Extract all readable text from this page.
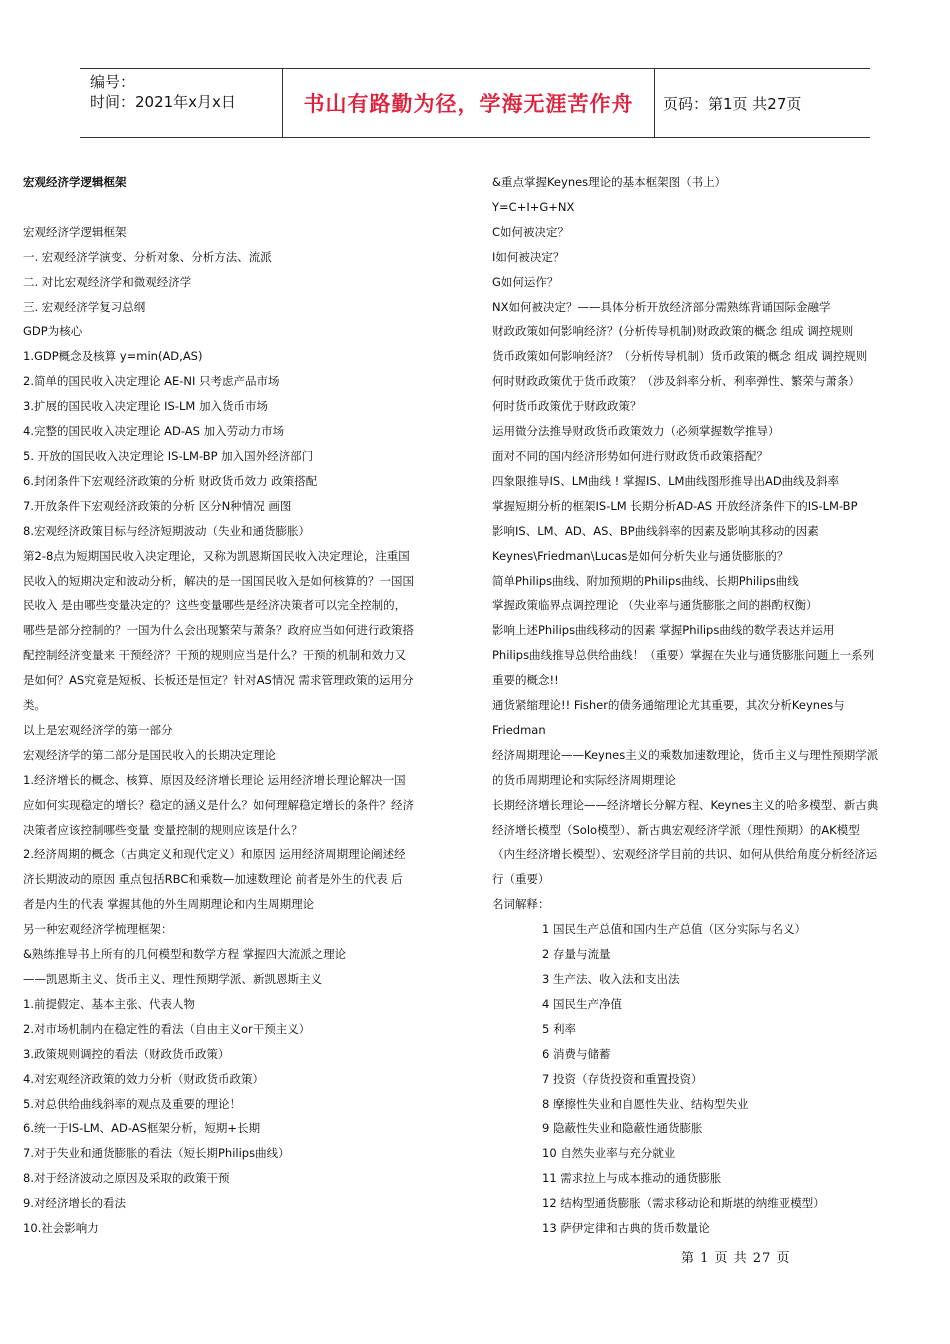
编号：
时间：2021年x月x日	书山有路勤为径，学海无涯苦作舟	页码：第1页 共27页
宏观经济学逻辑框架

宏观经济学逻辑框架
一. 宏观经济学演变、分析对象、分析方法、流派
二. 对比宏观经济学和微观经济学
三. 宏观经济学复习总纲
GDP为核心
1.GDP概念及核算 y=min(AD,AS)
2.简单的国民收入决定理论 AE-NI 只考虑产品市场
3.扩展的国民收入决定理论 IS-LM 加入货币市场
4.完整的国民收入决定理论 AD-AS 加入劳动力市场
5. 开放的国民收入决定理论 IS-LM-BP 加入国外经济部门
6.封闭条件下宏观经济政策的分析 财政货币效力 政策搭配
7.开放条件下宏观经济政策的分析 区分N种情况 画图
8.宏观经济政策目标与经济短期波动（失业和通货膨胀）
第2-8点为短期国民收入决定理论，又称为凯恩斯国民收入决定理论，注重国
民收入的短期决定和波动分析，解决的是一国国民收入是如何核算的？一国国
民收入 是由哪些变量决定的？这些变量哪些是经济决策者可以完全控制的，
哪些是部分控制的？一国为什么会出现繁荣与萧条？政府应当如何进行政策搭
配控制经济变量来 干预经济？干预的规则应当是什么？干预的机制和效力又
是如何？AS究竟是短板、长板还是恒定？针对AS情况 需求管理政策的运用分
类。
以上是宏观经济学的第一部分
宏观经济学的第二部分是国民收入的长期决定理论
1.经济增长的概念、核算、原因及经济增长理论 运用经济增长理论解决一国
应如何实现稳定的增长？稳定的涵义是什么？如何理解稳定增长的条件？经济
决策者应该控制哪些变量 变量控制的规则应该是什么？
2.经济周期的概念（古典定义和现代定义）和原因 运用经济周期理论阐述经
济长期波动的原因 重点包括RBC和乘数—加速数理论 前者是外生的代表 后
者是内生的代表 掌握其他的外生周期理论和内生周期理论
另一种宏观经济学梳理框架：
&熟练推导书上所有的几何模型和数学方程 掌握四大流派之理论
——凯恩斯主义、货币主义、理性预期学派、新凯恩斯主义
1.前提假定、基本主张、代表人物
2.对市场机制内在稳定性的看法（自由主义or干预主义）
3.政策规则调控的看法（财政货币政策）
4.对宏观经济政策的效力分析（财政货币政策）
5.对总供给曲线斜率的观点及重要的理论！
6.统一于IS-LM、AD-AS框架分析，短期+长期
7.对于失业和通货膨胀的看法（短长期Philips曲线）
8.对于经济波动之原因及采取的政策干预
9.对经济增长的看法
10.社会影响力
&重点掌握Keynes理论的基本框架图（书上）
Y=C+I+G+NX
C如何被决定？
I如何被决定？
G如何运作？
NX如何被决定？——具体分析开放经济部分需熟练背诵国际金融学
财政政策如何影响经济？(分析传导机制)财政政策的概念 组成 调控规则
货币政策如何影响经济？（分析传导机制）货币政策的概念 组成 调控规则
何时财政政策优于货币政策？（涉及斜率分析、利率弹性、繁荣与萧条）
何时货币政策优于财政政策？
运用微分法推导财政货币政策效力（必须掌握数学推导）
面对不同的国内经济形势如何进行财政货币政策搭配？
四象限推导IS、LM曲线 ! 掌握IS、LM曲线图形推导出AD曲线及斜率
掌握短期分析的框架IS-LM 长期分析AD-AS 开放经济条件下的IS-LM-BP
影响IS、LM、AD、AS、BP曲线斜率的因素及影响其移动的因素
Keynes\Friedman\Lucas是如何分析失业与通货膨胀的？
简单Philips曲线、附加预期的Philips曲线、长期Philips曲线
掌握政策临界点调控理论 （失业率与通货膨胀之间的斟酌权衡）
影响上述Philips曲线移动的因素 掌握Philips曲线的数学表达并运用
Philips曲线推导总供给曲线！（重要）掌握在失业与通货膨胀问题上一系列
重要的概念!!
通货紧缩理论!! Fisher的债务通缩理论尤其重要，其次分析Keynes与
Friedman
经济周期理论——Keynes主义的乘数加速数理论，货币主义与理性预期学派
的货币周期理论和实际经济周期理论
长期经济增长理论——经济增长分解方程、Keynes主义的哈多模型、新古典
经济增长模型（Solo模型）、新古典宏观经济学派（理性预期）的AK模型
（内生经济增长模型）、宏观经济学目前的共识、如何从供给角度分析经济运
行（重要）
名词解释：
1 国民生产总值和国内生产总值（区分实际与名义）
2 存量与流量
3 生产法、收入法和支出法
4 国民生产净值
5 利率
6 消费与储蓄
7 投资（存货投资和重置投资）
8 摩擦性失业和自愿性失业、结构型失业
9 隐蔽性失业和隐蔽性通货膨胀
10 自然失业率与充分就业
11 需求拉上与成本推动的通货膨胀
12 结构型通货膨胀（需求移动论和斯堪的纳维亚模型）
13 萨伊定律和古典的货币数量论
第 1 页 共 27 页
